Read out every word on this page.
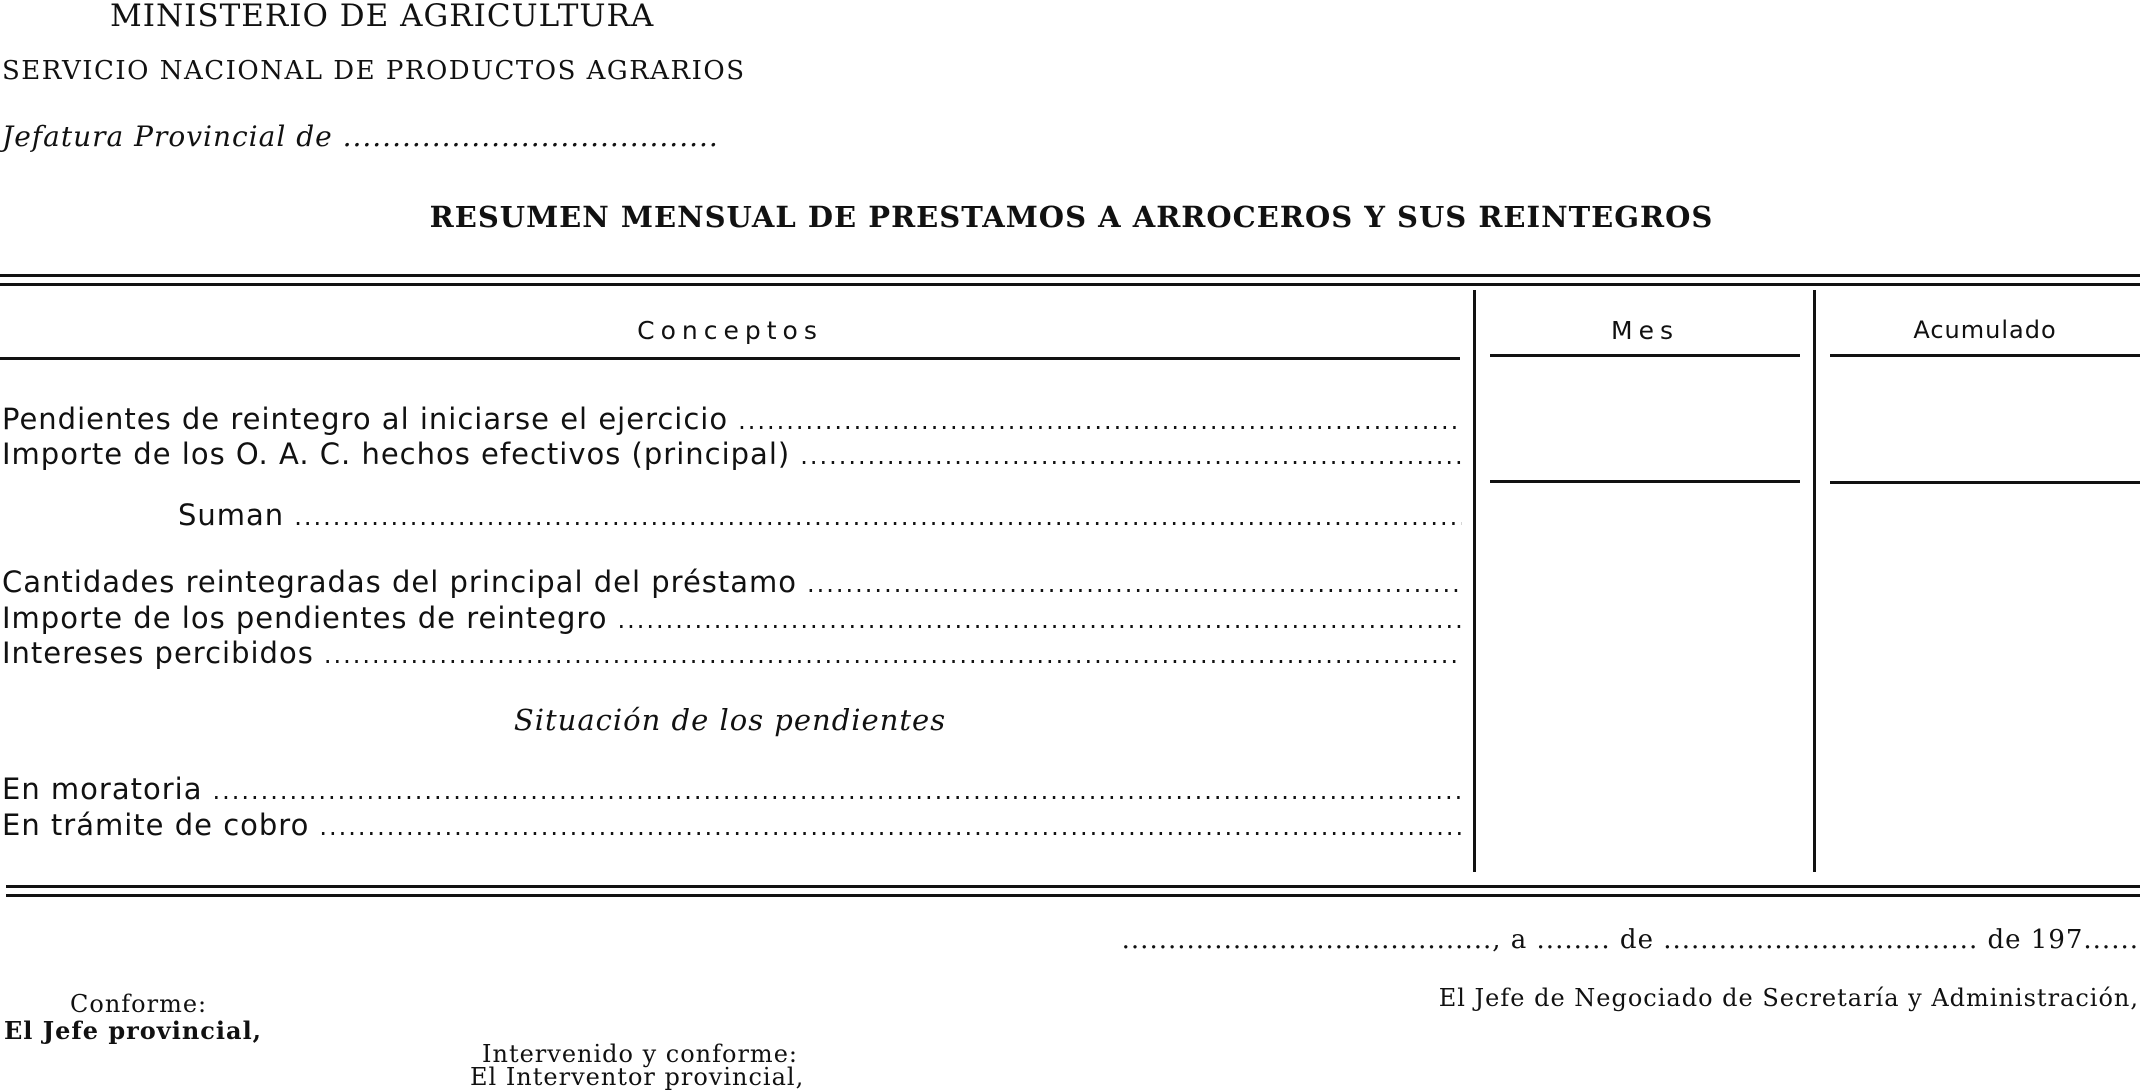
MINISTERIO DE AGRICULTURA
SERVICIO NACIONAL DE PRODUCTOS AGRARIOS
Jefatura Provincial de ......................................
RESUMEN MENSUAL DE PRESTAMOS A ARROCEROS Y SUS REINTEGROS
Conceptos	Mes	Acumulado
Pendientes de reintegro al iniciarse el ejercicio
.....
Importe de los O. A. C. hechos efectivos (principal)
.....
Suman
.....
Cantidades reintegradas del principal del préstamo
.....
Importe de los pendientes de reintegro
.....
Intereses percibidos
.....
Situación de los pendientes
En moratoria
.....
En trámite de cobro
.....
........................................, a ........ de .................................. de 197......
El Jefe de Negociado de Secretaría y Administración,
Conforme:
El Jefe provincial,
Intervenido y conforme:
El Interventor provincial,
